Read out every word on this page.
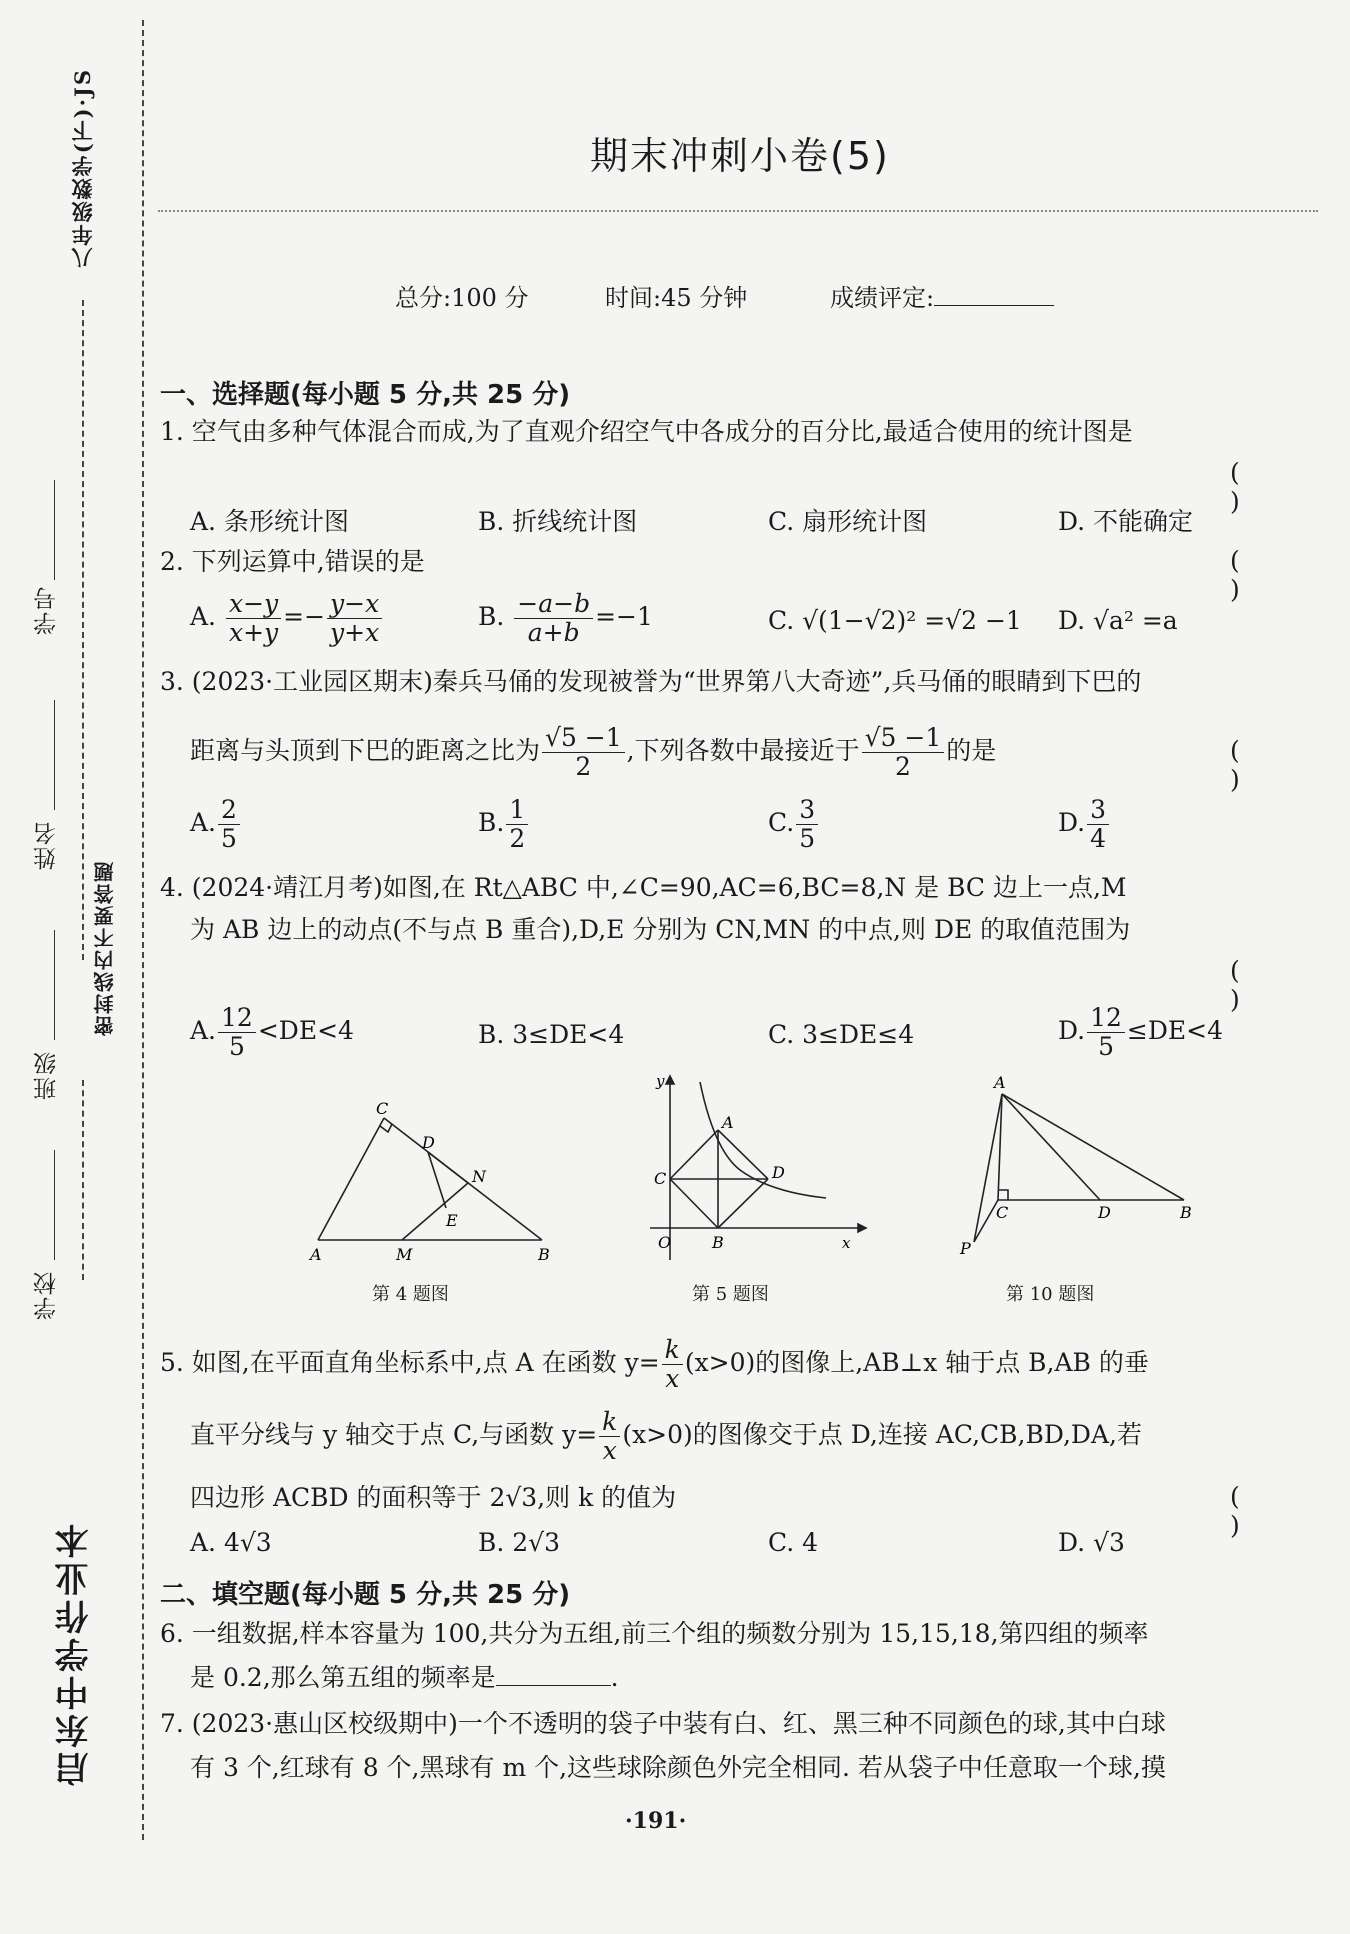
八年级数学(下)·JS
密封线内不要答题
学号
姓名
班级
学校
启东中学作业本
期末冲刺小卷(5)
总分:100 分	时间:45 分钟	成绩评定:
一、选择题(每小题 5 分,共 25 分)
1. 空气由多种气体混合而成,为了直观介绍空气中各成分的百分比,最适合使用的统计图是
( )
A. 条形统计图	B. 折线统计图	C. 扇形统计图	D. 不能确定
2. 下列运算中,错误的是	( )
A. $\frac{x-y}{x+y} =- \frac{y-x}{y+x}$	B. $\frac{-a-b}{a+b} =-1$	C. √(1−√2)² =√2 −1 D. √a² =a
3. (2023·工业园区期末)秦兵马俑的发现被誉为“世界第八大奇迹”,兵马俑的眼睛到下巴的
距离与头顶到下巴的距离之比为 $\frac{√5 -1}{2}$ ,下列各数中最接近于 $\frac{√5 -1}{2}$ 的是	( )
A. $\frac{2}{5}$	B. $\frac{1}{2}$	C. $\frac{3}{5}$	D. $\frac{3}{4}$
4. (2024·靖江月考)如图,在 Rt△ABC 中,∠C=90,AC=6,BC=8,N 是 BC 边上一点,M
为 AB 边上的动点(不与点 B 重合),D,E 分别为 CN,MN 的中点,则 DE 的取值范围为
( )
A. $\frac{12}{5} <DE<4$	B. 3≤DE<4	C. 3≤DE≤4	D. $\frac{12}{5} \le DE<4$
C
D
N
E
A	M	B
第 4 题图
y
A
C	D
O	B	x
第 5 题图
A
C	D	B
P
第 10 题图
5. 如图,在平面直角坐标系中,点 A 在函数 $y= \frac{k}{x} (x>0)$的图像上,AB⊥x 轴于点 B,AB 的垂
直平分线与 y 轴交于点 C,与函数 $y= \frac{k}{x} (x>0)$的图像交于点 D,连接 AC,CB,BD,DA,若
四边形 ACBD 的面积等于 2√3,则 k 的值为	( )
A. 4√3	B. 2√3	C. 4	D. √3
二、填空题(每小题 5 分,共 25 分)
6. 一组数据,样本容量为 100,共分为五组,前三个组的频数分别为 15,15,18,第四组的频率
是 0.2,那么第五组的频率是	.
7. (2023·惠山区校级期中)一个不透明的袋子中装有白、红、黑三种不同颜色的球,其中白球
有 3 个,红球有 8 个,黑球有 m 个,这些球除颜色外完全相同. 若从袋子中任意取一个球,摸
·191·
